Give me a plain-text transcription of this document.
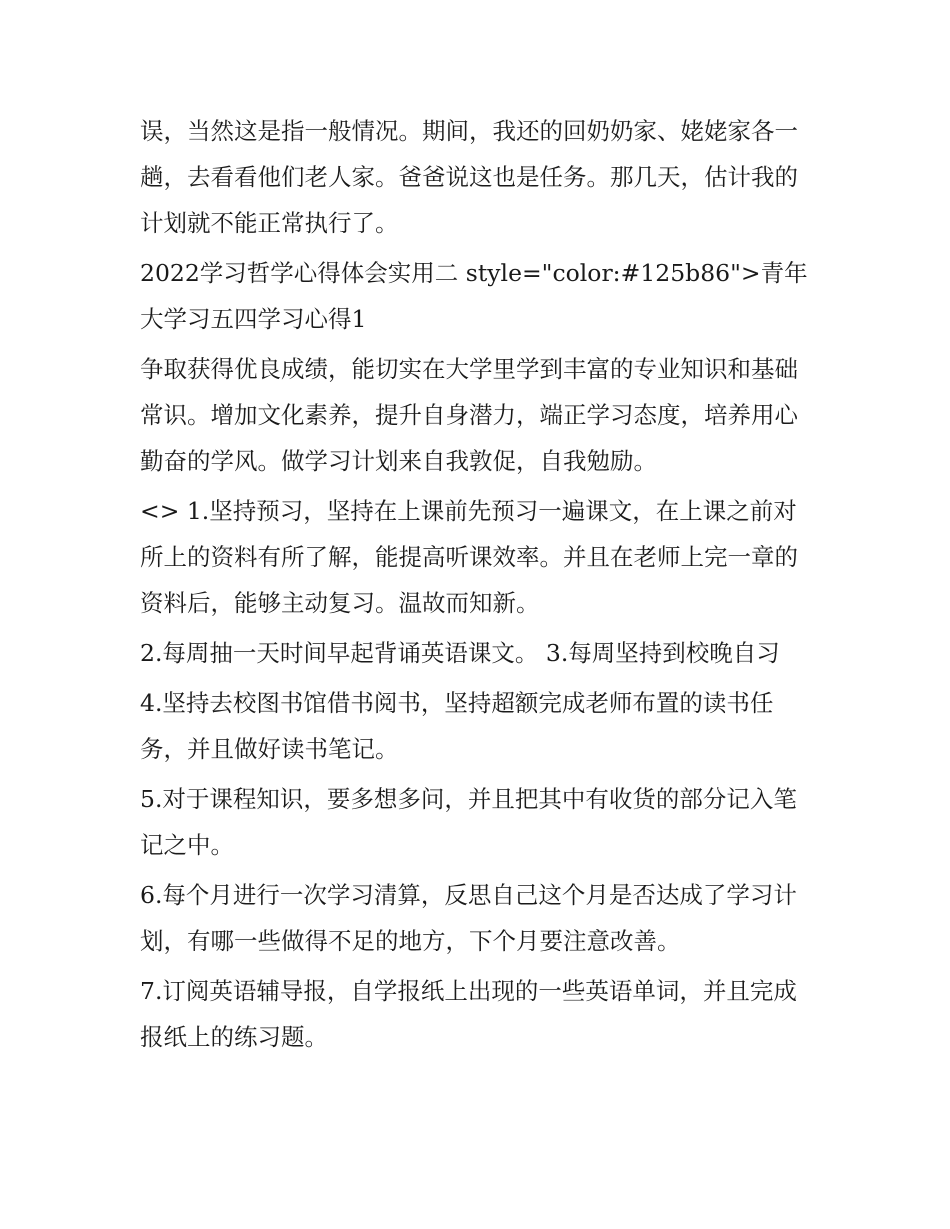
误，当然这是指一般情况。期间，我还的回奶奶家、姥姥家各一趟，去看看他们老人家。爸爸说这也是任务。那几天，估计我的计划就不能正常执行了。

2022学习哲学心得体会实用二 style="color:#125b86">青年大学习五四学习心得1

争取获得优良成绩，能切实在大学里学到丰富的专业知识和基础常识。增加文化素养，提升自身潜力，端正学习态度，培养用心勤奋的学风。做学习计划来自我敦促，自我勉励。

<> 1.坚持预习，坚持在上课前先预习一遍课文，在上课之前对所上的资料有所了解，能提高听课效率。并且在老师上完一章的资料后，能够主动复习。温故而知新。

2.每周抽一天时间早起背诵英语课文。 3.每周坚持到校晚自习

4.坚持去校图书馆借书阅书，坚持超额完成老师布置的读书任务，并且做好读书笔记。

5.对于课程知识，要多想多问，并且把其中有收货的部分记入笔记之中。

6.每个月进行一次学习清算，反思自己这个月是否达成了学习计划，有哪一些做得不足的地方，下个月要注意改善。

7.订阅英语辅导报，自学报纸上出现的一些英语单词，并且完成报纸上的练习题。
